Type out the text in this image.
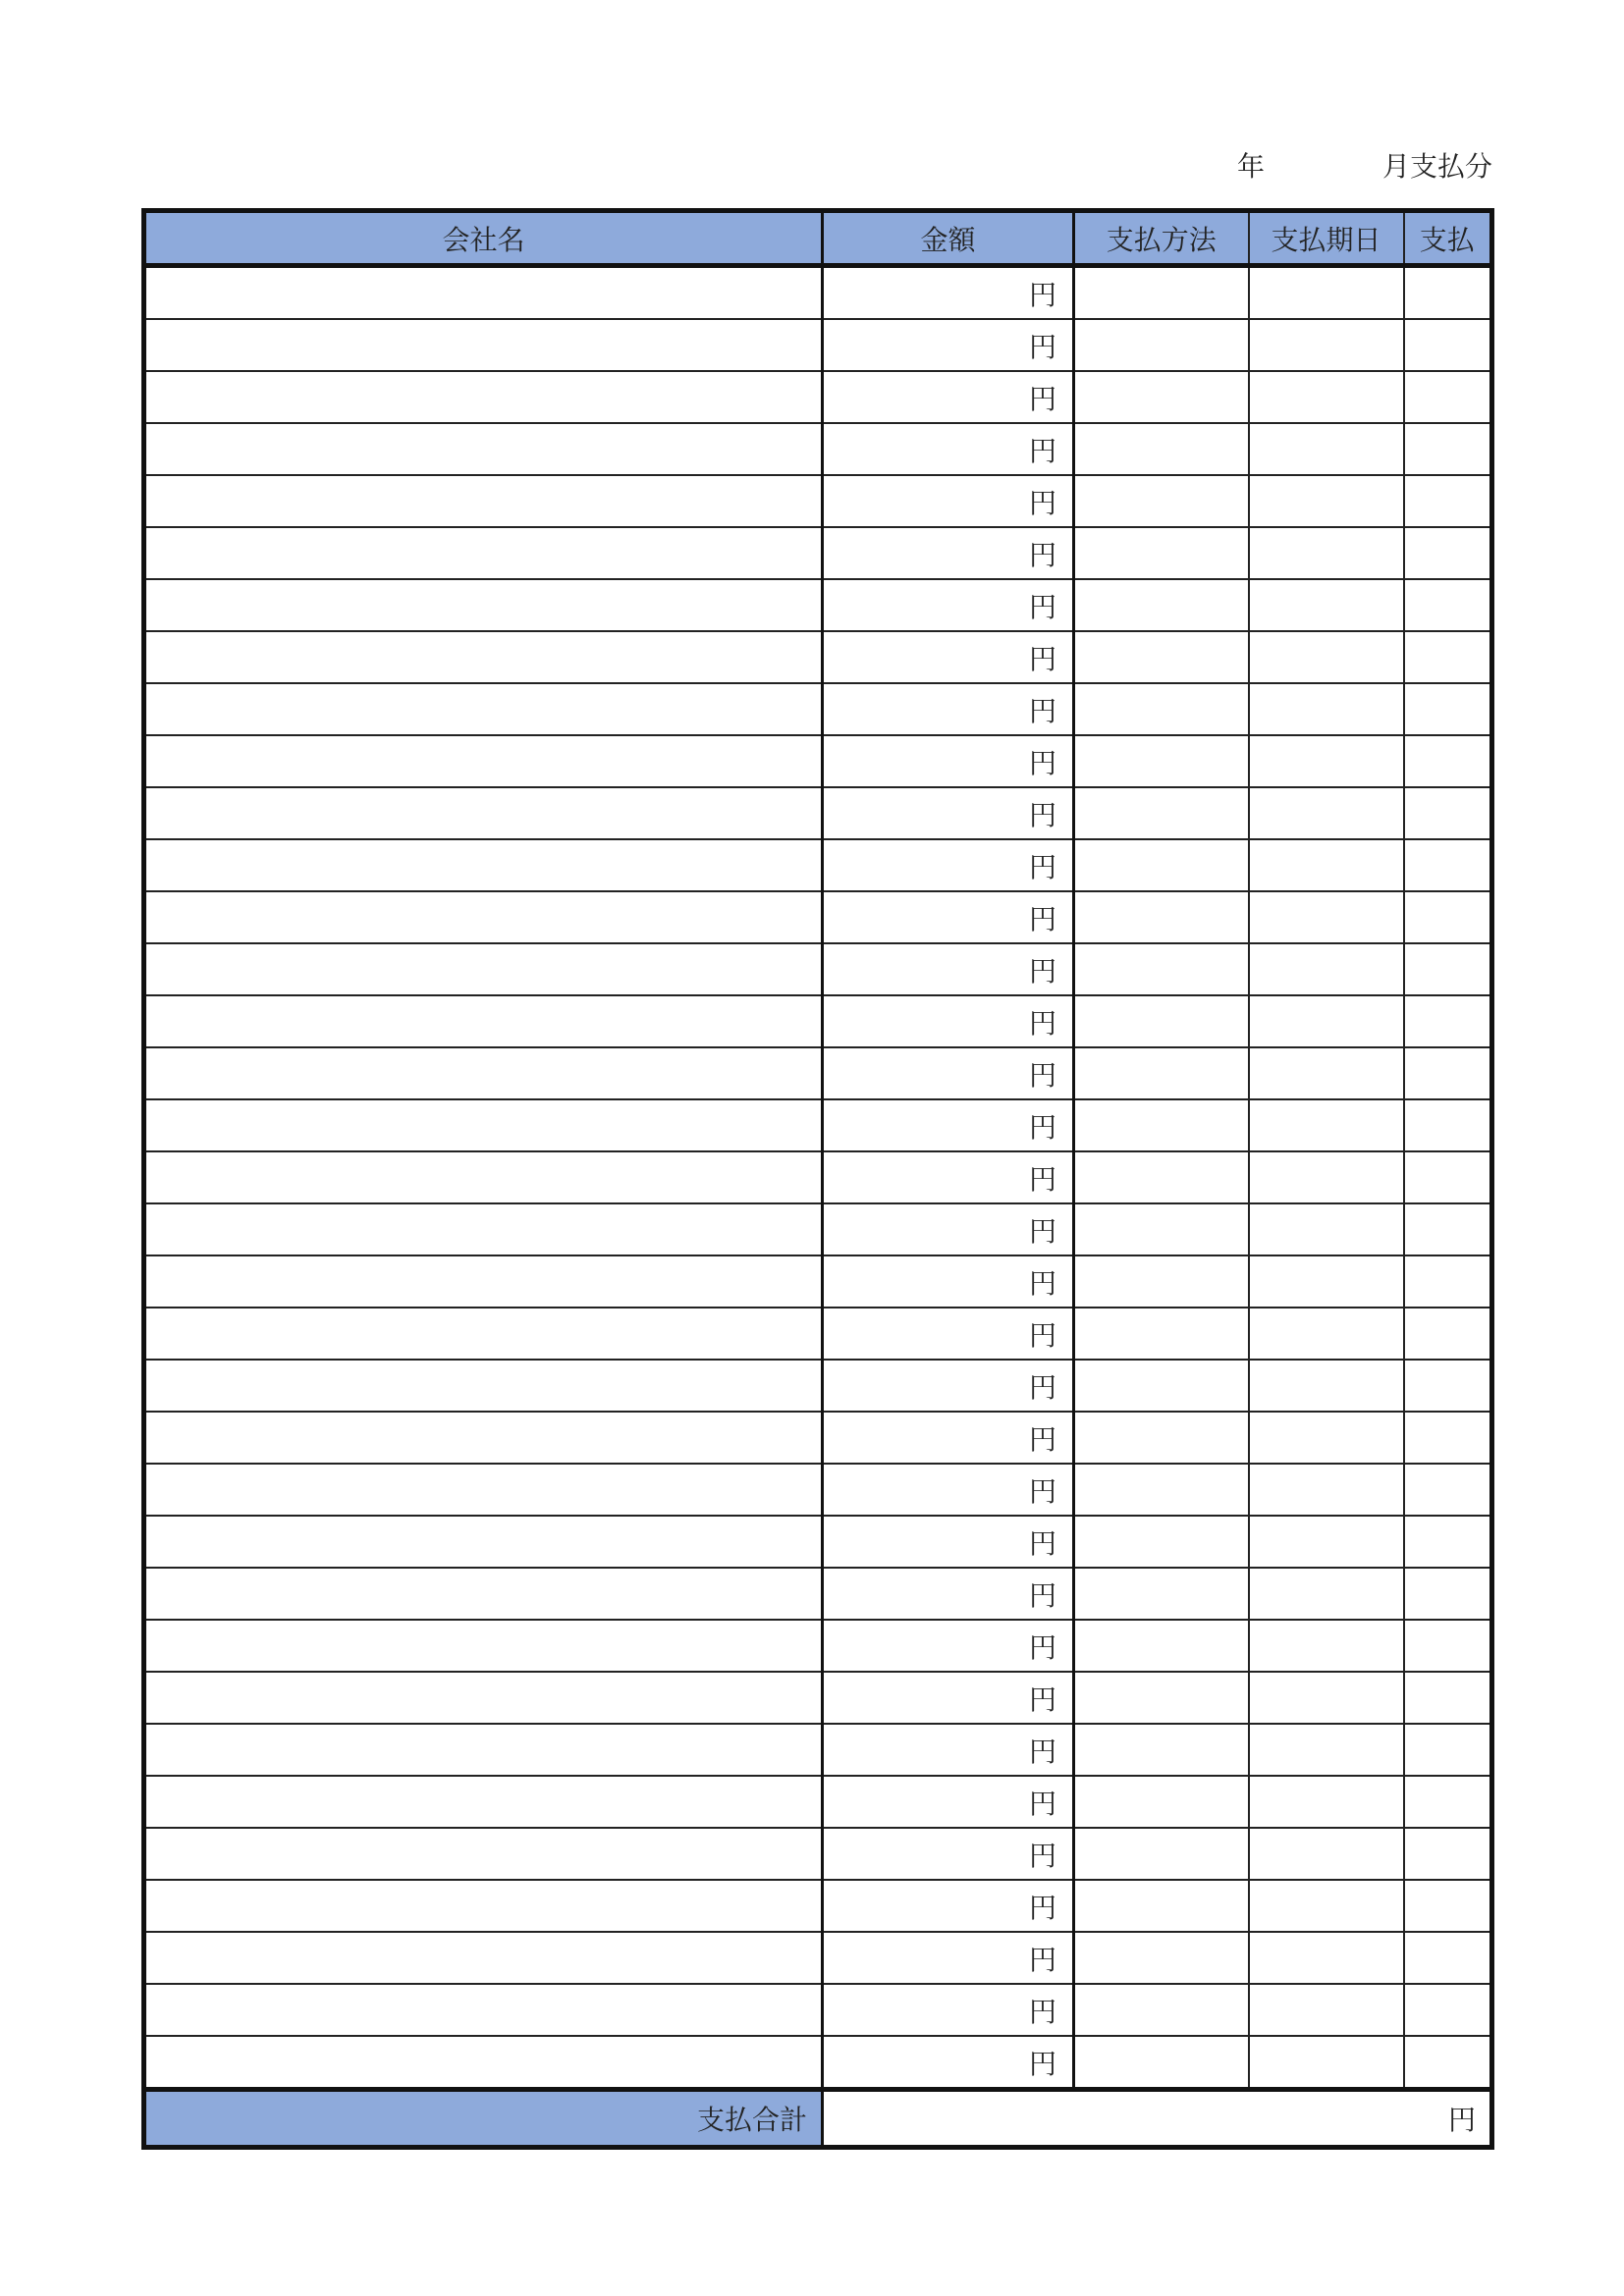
年	月支払分
会社名	金額	支払方法	支払期日	支払
	円			
	円			
	円			
	円			
	円			
	円			
	円			
	円			
	円			
	円			
	円			
	円			
	円			
	円			
	円			
	円			
	円			
	円			
	円			
	円			
	円			
	円			
	円			
	円			
	円			
	円			
	円			
	円			
	円			
	円			
	円			
	円			
	円			
	円			
	円			
支払合計	円			
